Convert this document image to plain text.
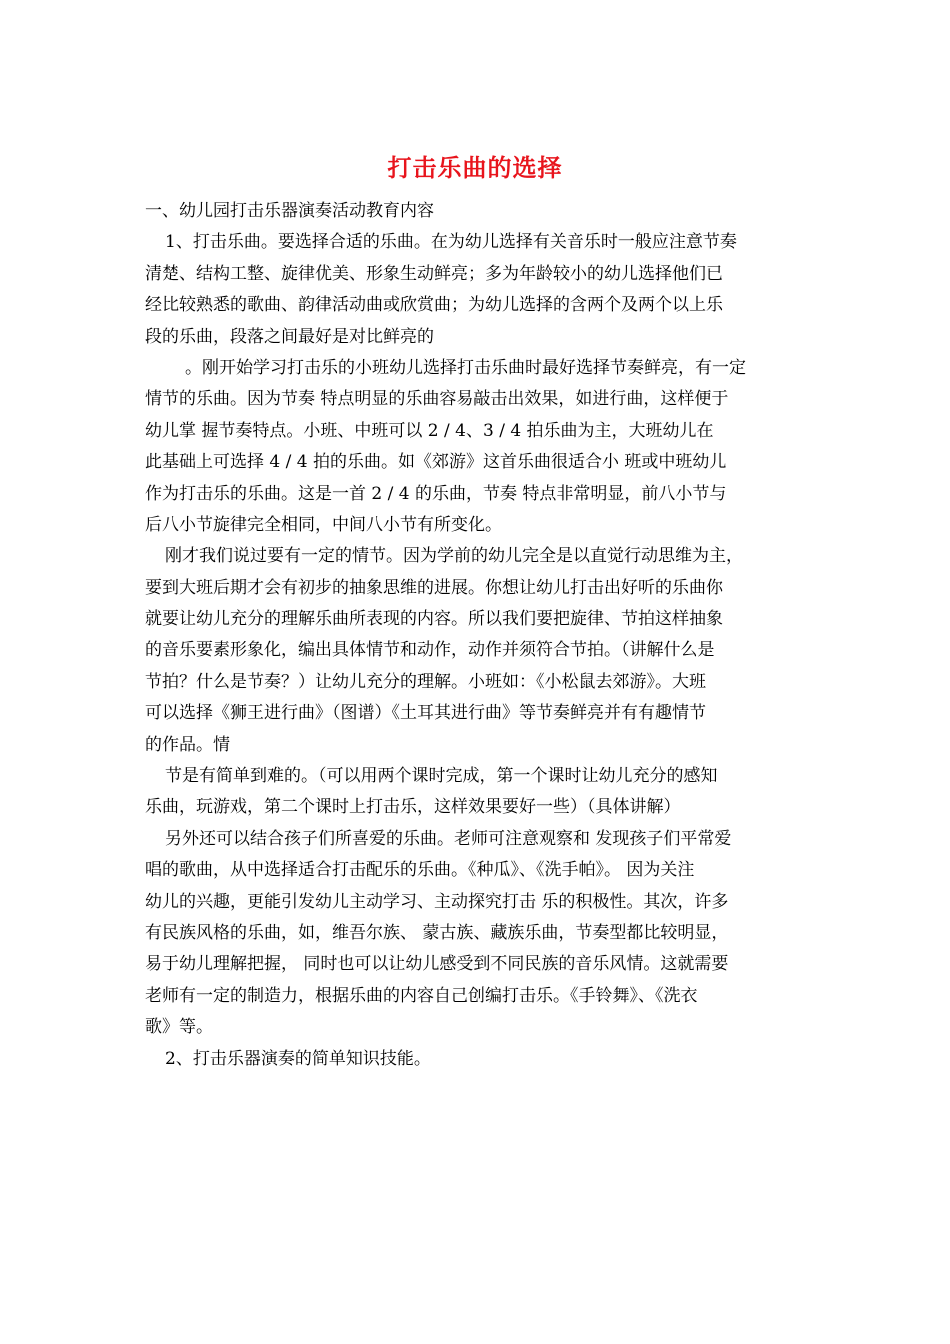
打击乐曲的选择
一、幼儿园打击乐器演奏活动教育内容
1、打击乐曲。要选择合适的乐曲。在为幼儿选择有关音乐时一般应注意节奏
清楚、结构工整、旋律优美、形象生动鲜亮；多为年龄较小的幼儿选择他们已
经比较熟悉的歌曲、韵律活动曲或欣赏曲；为幼儿选择的含两个及两个以上乐
段的乐曲，段落之间最好是对比鲜亮的
。刚开始学习打击乐的小班幼儿选择打击乐曲时最好选择节奏鲜亮，有一定
情节的乐曲。因为节奏 特点明显的乐曲容易敲击出效果，如进行曲，这样便于
幼儿掌 握节奏特点。小班、中班可以 2 / 4、3 / 4 拍乐曲为主，大班幼儿在
此基础上可选择 4 / 4 拍的乐曲。如《郊游》这首乐曲很适合小 班或中班幼儿
作为打击乐的乐曲。这是一首 2 / 4 的乐曲，节奏 特点非常明显，前八小节与
后八小节旋律完全相同，中间八小节有所变化。
刚才我们说过要有一定的情节。因为学前的幼儿完全是以直觉行动思维为主，
要到大班后期才会有初步的抽象思维的进展。你想让幼儿打击出好听的乐曲你
就要让幼儿充分的理解乐曲所表现的内容。所以我们要把旋律、节拍这样抽象
的音乐要素形象化，编出具体情节和动作，动作并须符合节拍。（讲解什么是
节拍？什么是节奏？）让幼儿充分的理解。小班如：《小松鼠去郊游》。大班
可以选择《狮王进行曲》（图谱）《土耳其进行曲》等节奏鲜亮并有有趣情节
的作品。情
节是有简单到难的。（可以用两个课时完成，第一个课时让幼儿充分的感知
乐曲，玩游戏，第二个课时上打击乐，这样效果要好一些）（具体讲解）
另外还可以结合孩子们所喜爱的乐曲。老师可注意观察和 发现孩子们平常爱
唱的歌曲，从中选择适合打击配乐的乐曲。《种瓜》、《洗手帕》。 因为关注
幼儿的兴趣，更能引发幼儿主动学习、主动探究打击 乐的积极性。其次，许多
有民族风格的乐曲，如，维吾尔族、 蒙古族、藏族乐曲，节奏型都比较明显，
易于幼儿理解把握， 同时也可以让幼儿感受到不同民族的音乐风情。这就需要
老师有一定的制造力，根据乐曲的内容自己创编打击乐。《手铃舞》、《洗衣
歌》等。
2、打击乐器演奏的简单知识技能。
